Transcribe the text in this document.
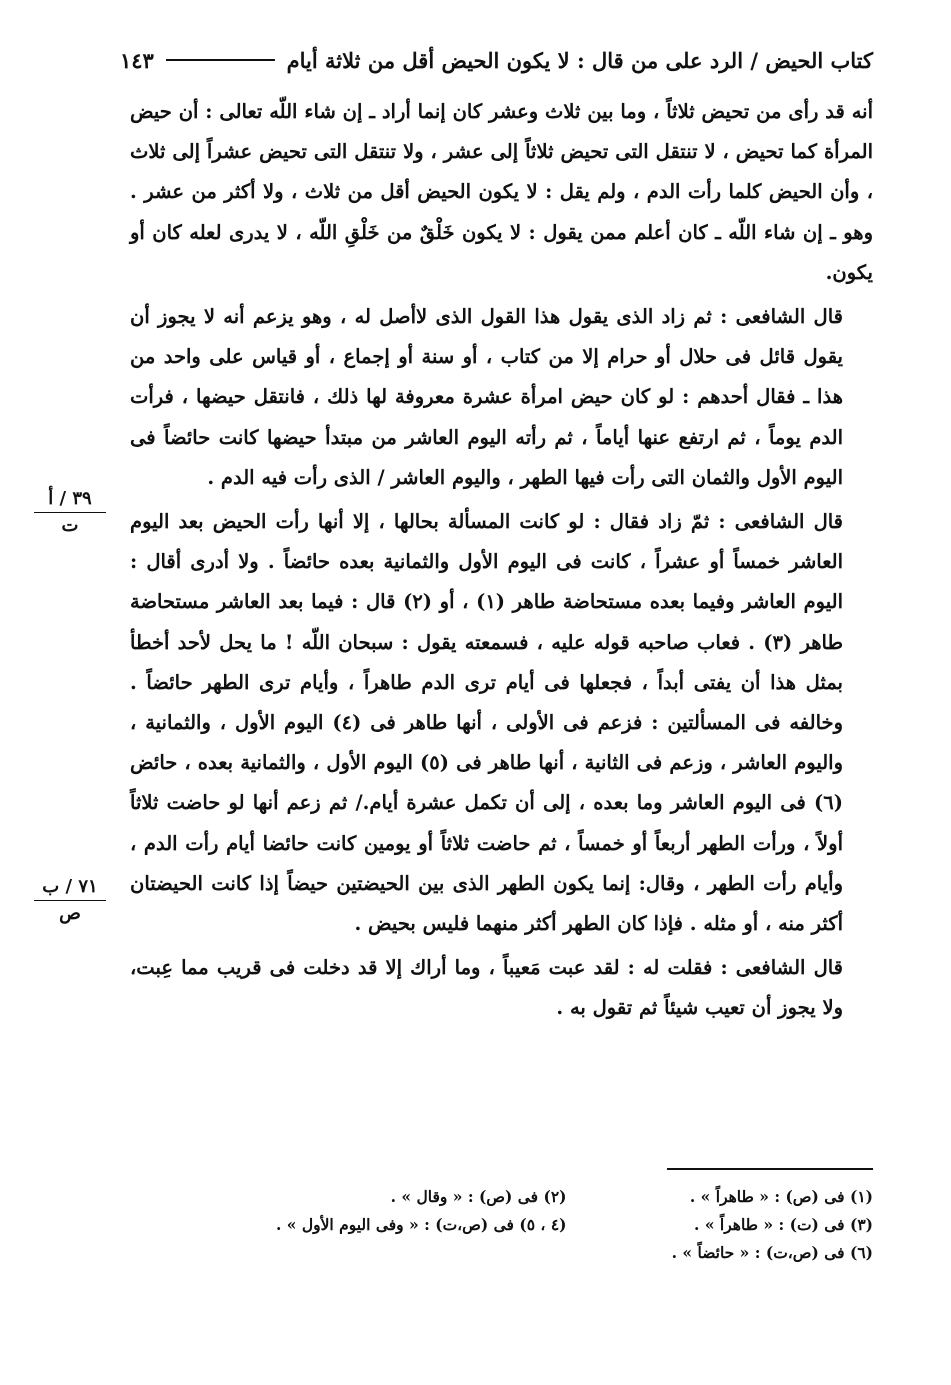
كتاب الحيض / الرد على من قال : لا يكون الحيض أقل من ثلاثة أيام
١٤٣

أنه قد رأى من تحيض ثلاثاً ، وما بين ثلاث وعشر كان إنما أراد ـ إن شاء اللّه تعالى : أن حيض المرأة كما تحيض ، لا تنتقل التى تحيض ثلاثاً إلى عشر ، ولا تنتقل التى تحيض عشراً إلى ثلاث ، وأن الحيض كلما رأت الدم ، ولم يقل : لا يكون الحيض أقل من ثلاث ، ولا أكثر من عشر . وهو ـ إن شاء اللّه ـ كان أعلم ممن يقول : لا يكون خَلْقٌ من خَلْقِ اللّه ، لا يدرى لعله كان أو يكون.

قال الشافعى : ثم زاد الذى يقول هذا القول الذى لاأصل له ، وهو يزعم أنه لا يجوز أن يقول قائل فى حلال أو حرام إلا من كتاب ، أو سنة أو إجماع ، أو قياس على واحد من هذا ـ فقال أحدهم : لو كان حيض امرأة عشرة معروفة لها ذلك ، فانتقل حيضها ، فرأت الدم يوماً ، ثم ارتفع عنها أياماً ، ثم رأته اليوم العاشر من مبتدأ حيضها كانت حائضاً فى اليوم الأول والثمان التى رأت فيها الطهر ، واليوم العاشر / الذى رأت فيه الدم .

قال الشافعى : ثمّ زاد فقال : لو كانت المسألة بحالها ، إلا أنها رأت الحيض بعد اليوم العاشر خمساً أو عشراً ، كانت فى اليوم الأول والثمانية بعده حائضاً . ولا أدرى أقال : اليوم العاشر وفيما بعده مستحاضة طاهر (١) ، أو (٢) قال : فيما بعد العاشر مستحاضة طاهر (٣) . فعاب صاحبه قوله عليه ، فسمعته يقول : سبحان اللّه ! ما يحل لأحد أخطأ بمثل هذا أن يفتى أبداً ، فجعلها فى أيام ترى الدم طاهراً ، وأيام ترى الطهر حائضاً . وخالفه فى المسألتين : فزعم فى الأولى ، أنها طاهر فى (٤) اليوم الأول ، والثمانية ، واليوم العاشر ، وزعم فى الثانية ، أنها طاهر فى (٥) اليوم الأول ، والثمانية بعده ، حائض (٦) فى اليوم العاشر وما بعده ، إلى أن تكمل عشرة أيام./ ثم زعم أنها لو حاضت ثلاثاً أولاً ، ورأت الطهر أربعاً أو خمساً ، ثم حاضت ثلاثاً أو يومين كانت حائضا أيام رأت الدم ، وأيام رأت الطهر ، وقال: إنما يكون الطهر الذى بين الحيضتين حيضاً إذا كانت الحيضتان أكثر منه ، أو مثله . فإذا كان الطهر أكثر منهما فليس بحيض .

قال الشافعى : فقلت له : لقد عبت مَعيباً ، وما أراك إلا قد دخلت فى قريب مما عِبت، ولا يجوز أن تعيب شيئاً ثم تقول به .

٣٩ / أ
ت
٧١ / ب
ص
(١) فى (ص) : « طاهراً » .
(٢) فى (ص) : « وقال » .
(٣) فى (ت) : « طاهراً » .
(٤ ، ٥) فى (ص،ت) : « وفى اليوم الأول » .
(٦) فى (ص،ت) : « حائضاً » .
